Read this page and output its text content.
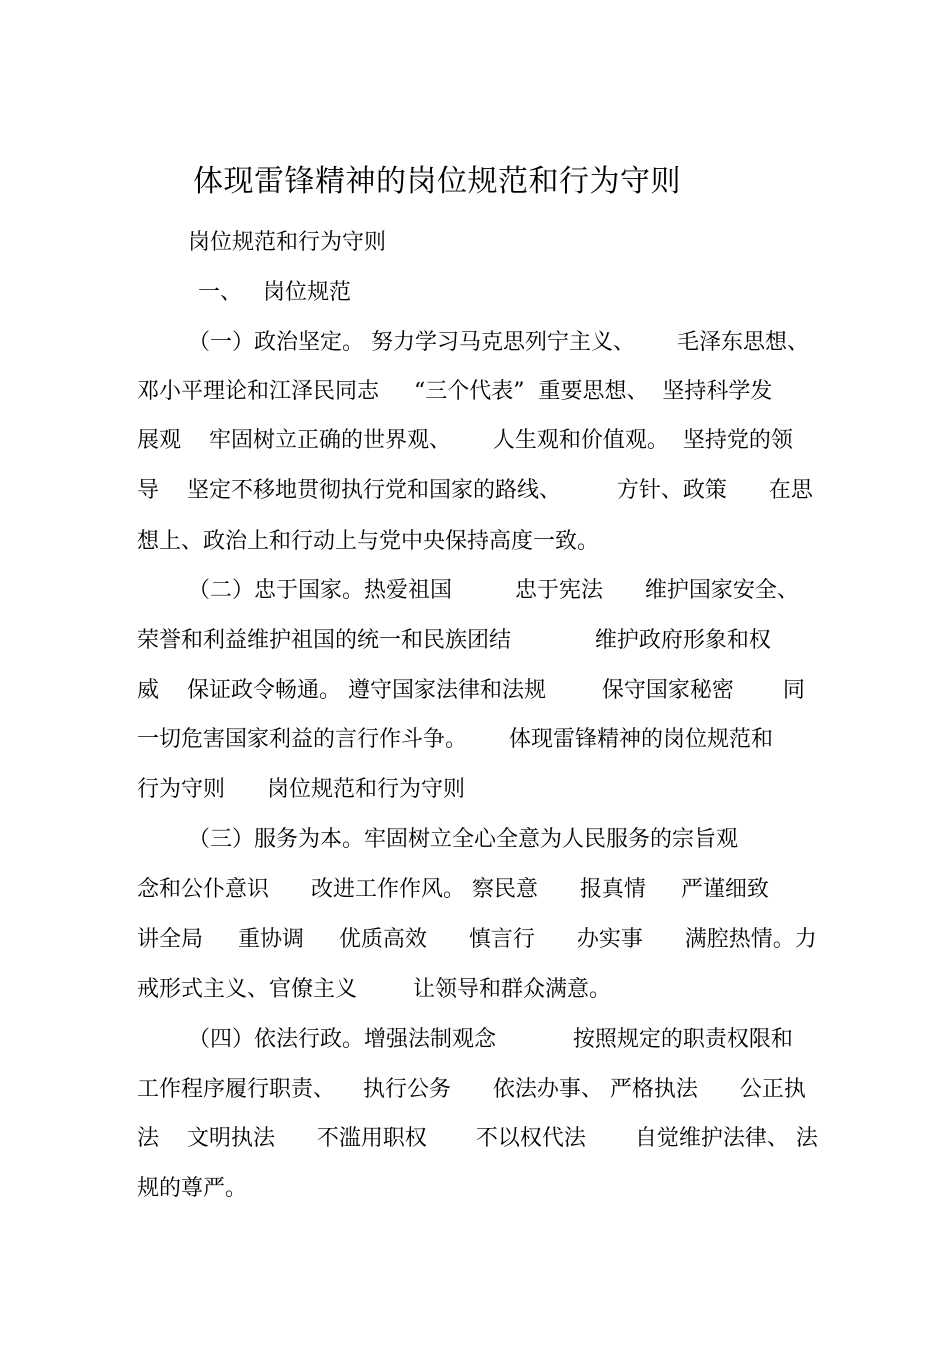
体现雷锋精神的岗位规范和行为守则
岗位规范和行为守则
一、   岗位规范
（一）政治坚定。 努力学习马克思列宁主义、      毛泽东思想、
邓小平理论和江泽民同志     “三个代表”  重要思想、  坚持科学发
展观    牢固树立正确的世界观、      人生观和价值观。  坚持党的领
导    坚定不移地贯彻执行党和国家的路线、        方针、政策      在思
想上、政治上和行动上与党中央保持高度一致。
（二）忠于国家。热爱祖国         忠于宪法      维护国家安全、
荣誉和利益维护祖国的统一和民族团结            维护政府形象和权
威    保证政令畅通。 遵守国家法律和法规        保守国家秘密       同
一切危害国家利益的言行作斗争。      体现雷锋精神的岗位规范和
行为守则      岗位规范和行为守则
（三）服务为本。牢固树立全心全意为人民服务的宗旨观
念和公仆意识      改进工作作风。 察民意      报真情     严谨细致
讲全局     重协调     优质高效      慎言行      办实事      满腔热情。力
戒形式主义、官僚主义        让领导和群众满意。
（四）依法行政。增强法制观念           按照规定的职责权限和
工作程序履行职责、    执行公务      依法办事、 严格执法      公正执
法    文明执法      不滥用职权       不以权代法       自觉维护法律、 法
规的尊严。
